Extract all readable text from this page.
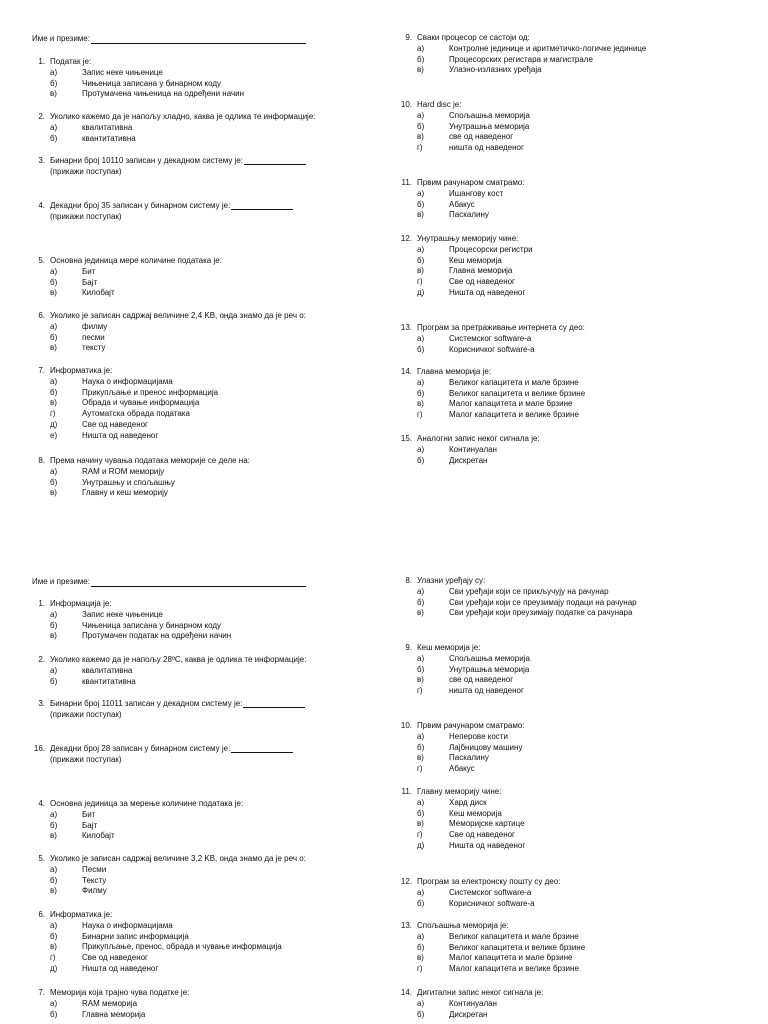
Име и презиме:
1. Податак је:
а)	Запис неке чињенице
б)	Чињеница записана у бинарном коду
в)	Протумачена чињеница на одређени начин
2. Уколико кажемо да је напољу хладно, каква је одлика те информације:
а)	квалитативна
б)	квантитативна
3. Бинарни број 10110 записан у декадном систему је:
(прикажи поступак)
4. Декадни број 35 записан у бинарном систему је:
(прикажи поступак)
5. Основна јединица мере количине података је:
а)	Бит
б)	Бајт
в)	Килобајт
6. Уколико је записан садржај величине 2,4 KB, онда знамо да је реч о:
а)	филму
б)	песми
в)	тексту
7. Информатика је:
а)	Наука о информацијама
б)	Прикупљање и пренос информација
в)	Обрада и чување информација
г)	Аутоматска обрада података
д)	Све од наведеног
е)	Ништа од наведеног
8. Према начину чувања података меморије се деле на:
а)	RAM и ROM меморију
б)	Унутрашњу и спољашњу
в)	Главну и кеш меморију
9. Сваки процесор се састоји од:
а)	Контролне јединице и аритметичко-логичке јединице
б)	Процесорских регистара и магистрале
в)	Улазно-излазних уређаја
10. Hard disc је:
а)	Спољашња меморија
б)	Унутрашња меморија
в)	све од наведеног
г)	ништа од наведеног
11. Првим рачунаром сматрамо:
а)	Ишангову кост
б)	Абакус
в)	Паскалину
12. Унутрашњу меморију чине:
а)	Процесорски регистри
б)	Кеш меморија
в)	Главна меморија
г)	Све од наведеног
д)	Ништа од наведеног
13. Програм за претраживање интернета су део:
а)	Системског software-a
б)	Корисничког software-a
14. Главна меморија је:
а)	Великог капацитета и мале брзине
б)	Великог капацитета и велике брзине
в)	Малог капацитета и мале брзине
г)	Малог капацитета и велике брзине
15. Аналогни запис неког сигнала је:
а)	Континуалан
б)	Дискретан
Име и презиме:
1. Информација је:
а)	Запис неке чињенице
б)	Чињеница записана у бинарном коду
в)	Протумачен податак на одређени начин
2. Уколико кажемо да је напољу 28ºC, каква је одлика те информације:
а)	квалитативна
б)	квантитативна
3. Бинарни број 11011 записан у декадном систему је:
(прикажи поступак)
16. Декадни број 28 записан у бинарном систему је:
(прикажи поступак)
4. Основна јединица за мерење количине података је:
а)	Бит
б)	Бајт
в)	Килобајт
5. Уколико је записан садржај величине 3,2 KB, онда знамо да је реч о:
а)	Песми
б)	Тексту
в)	Филму
6. Информатика је:
а)	Наука о информацијама
б)	Бинарни запис информација
в)	Прикупљање, пренос, обрада и чување информација
г)	Све од наведеног
д)	Ништа од наведеног
7. Меморија која трајно чува податке је:
а)	RAM меморија
б)	Главна меморија
8. Улазни уређају су:
а)	Сви уређаји који се прикључују на рачунар
б)	Сви уређаји који се преузимају подаци на рачунар
в)	Сви уређаји који преузимају податке са рачунара
9. Кеш меморија је:
а)	Спољашња меморија
б)	Унутрашња меморија
в)	све од наведеног
г)	ништа од наведеног
10. Првим рачунаром сматрамо:
а)	Неперове кости
б)	Лајбницову машину
в)	Паскалину
г)	Абакус
11. Главну меморију чине:
а)	Хард диск
б)	Кеш меморија
в)	Меморијске картице
г)	Све од наведеног
д)	Ништа од наведеног
12. Програм за електронску пошту су део:
а)	Системског software-a
б)	Корисничког software-a
13. Спољашња меморија је:
а)	Великог капацитета и мале брзине
б)	Великог капацитета и велике брзине
в)	Малог капацитета и мале брзине
г)	Малог капацитета и велике брзине
14. Дигитални запис неког сигнала је:
а)	Континуалан
б)	Дискретан
